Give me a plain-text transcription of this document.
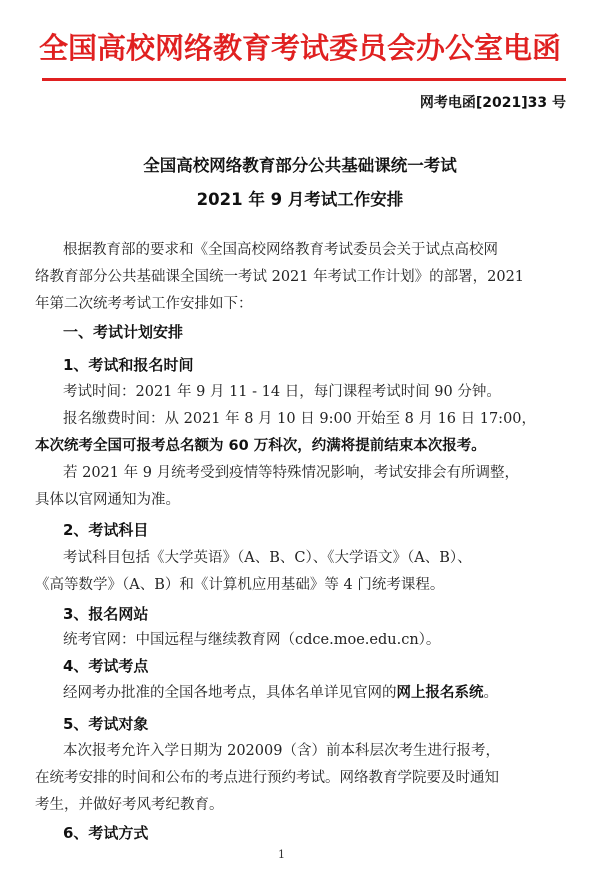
全国高校网络教育考试委员会办公室电函
网考电函[2021]33 号
全国高校网络教育部分公共基础课统一考试
2021 年 9 月考试工作安排
根据教育部的要求和《全国高校网络教育考试委员会关于试点高校网
络教育部分公共基础课全国统一考试 2021 年考试工作计划》的部署，2021
年第二次统考考试工作安排如下：
一、考试计划安排
1、考试和报名时间
考试时间：2021 年 9 月 11 - 14 日，每门课程考试时间 90 分钟。
报名缴费时间：从 2021 年 8 月 10 日 9:00 开始至 8 月 16 日 17:00，
本次统考全国可报考总名额为 60 万科次，约满将提前结束本次报考。
若 2021 年 9 月统考受到疫情等特殊情况影响，考试安排会有所调整，
具体以官网通知为准。
2、考试科目
考试科目包括《大学英语》（A、B、C）、《大学语文》（A、B）、
《高等数学》（A、B）和《计算机应用基础》等 4 门统考课程。
3、报名网站
统考官网：中国远程与继续教育网（cdce.moe.edu.cn）。
4、考试考点
经网考办批准的全国各地考点，具体名单详见官网的网上报名系统。
5、考试对象
本次报考允许入学日期为 202009（含）前本科层次考生进行报考，
在统考安排的时间和公布的考点进行预约考试。网络教育学院要及时通知
考生，并做好考风考纪教育。
6、考试方式
1
